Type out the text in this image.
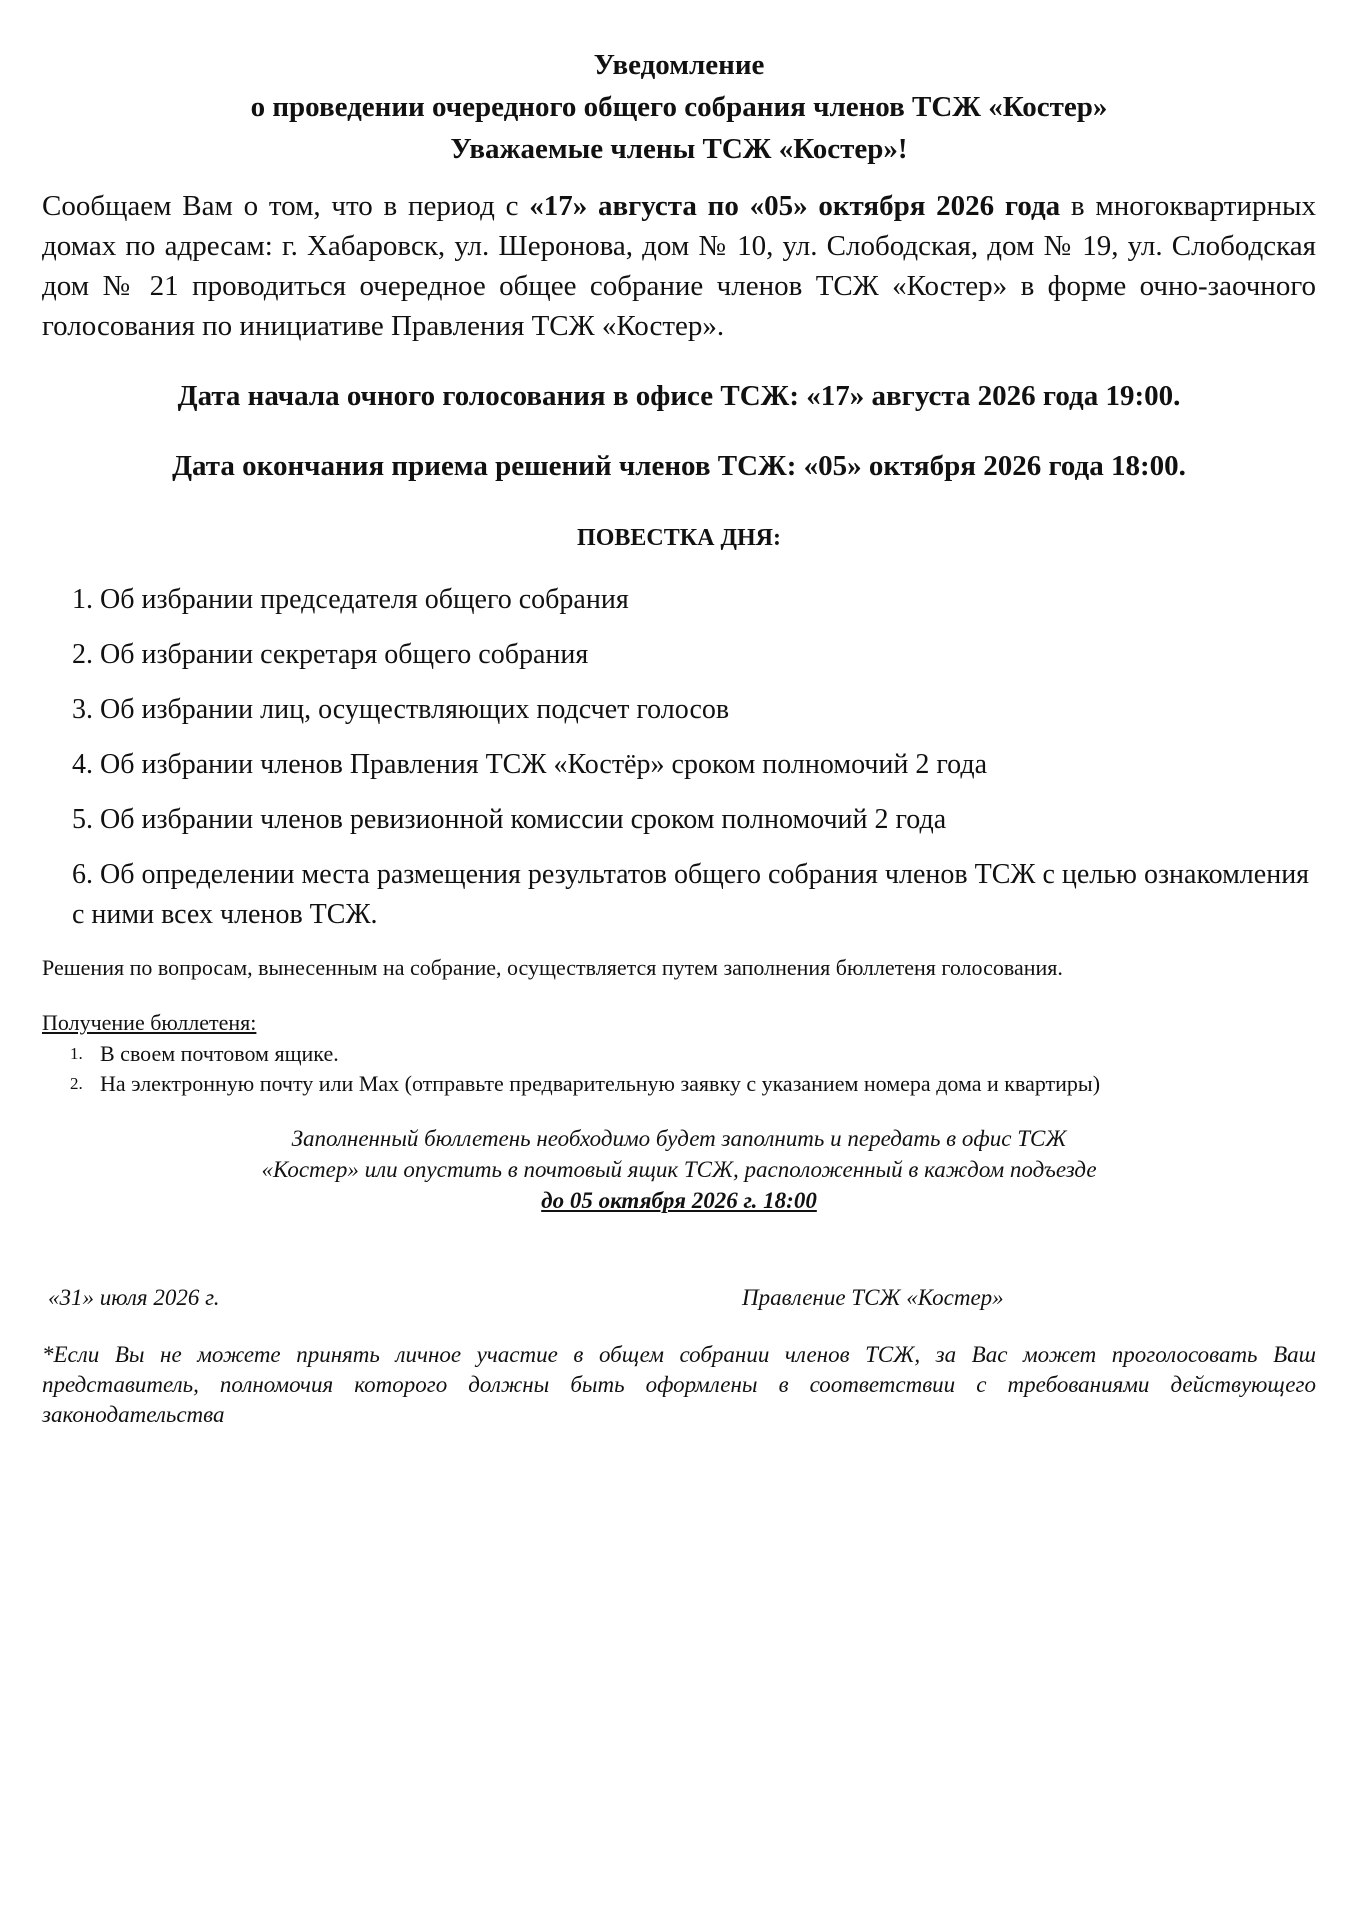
Уведомление
о проведении очередного общего собрания членов ТСЖ «Костер»
Уважаемые члены ТСЖ «Костер»!
Сообщаем Вам о том, что в период с «17» августа по «05» октября 2026 года в многоквартирных домах по адресам: г. Хабаровск, ул. Шеронова, дом № 10, ул. Слободская, дом № 19, ул. Слободская дом № 21 проводиться очередное общее собрание членов ТСЖ «Костер» в форме очно-заочного голосования по инициативе Правления ТСЖ «Костер».
Дата начала очного голосования в офисе ТСЖ: «17» августа 2026 года 19:00.
Дата окончания приема решений членов ТСЖ: «05» октября 2026 года 18:00.
ПОВЕСТКА ДНЯ:
1. Об избрании председателя общего собрания
2. Об избрании секретаря общего собрания
3. Об избрании лиц, осуществляющих подсчет голосов
4. Об избрании членов Правления ТСЖ «Костёр» сроком полномочий 2 года
5. Об избрании членов ревизионной комиссии сроком полномочий 2 года
6. Об определении места размещения результатов общего собрания членов ТСЖ с целью ознакомления с ними всех членов ТСЖ.
Решения по вопросам, вынесенным на собрание, осуществляется путем заполнения бюллетеня голосования.
Получение бюллетеня:
1. В своем почтовом ящике.
2. На электронную почту или Max (отправьте предварительную заявку с указанием номера дома и квартиры)
Заполненный бюллетень необходимо будет заполнить и передать в офис ТСЖ
«Костер» или опустить в почтовый ящик ТСЖ, расположенный в каждом подъезде
до 05 октября 2026 г. 18:00
«31» июля 2026 г.	Правление ТСЖ «Костер»
*Если Вы не можете принять личное участие в общем собрании членов ТСЖ, за Вас может проголосовать Ваш представитель, полномочия которого должны быть оформлены в соответствии с требованиями действующего законодательства
